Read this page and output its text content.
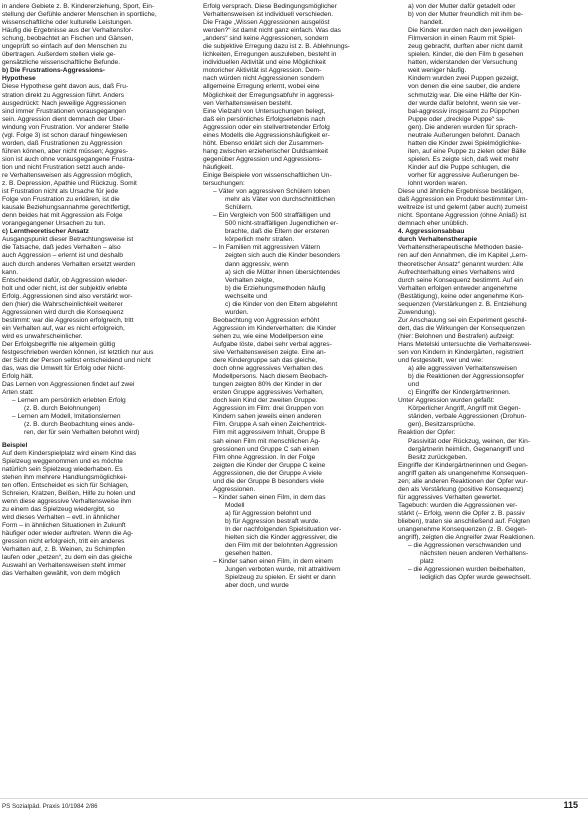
in andere Gebiete z. B. Kindererziehung, Sport, Ein-
stellung der Gefühle anderer Menschen in sportliche,
wissenschaftliche oder kulturelle Leistungen.
Häufig die Ergebnisse aus der Verhaltensfor-
schung, beobachtet an Fischen und Gänsen,
ungeprüft so einfach auf den Menschen zu
übertragen. Außerdem stellen viele ge-
gensätzliche wissenschaftliche Befunde.
b) Die Frustrations-Aggressions-
Hypothese
Diese Hypothese geht davon aus, daß Fru-
stration direkt zu Aggression führt. Anders
ausgedrückt: Nach jeweilige Aggressionen
sind immer Frustrationen vorausgegangen
sein. Aggression dient demnach der Über-
windung von Frustration. Vor anderer Stelle
(vgl. Folge 3) ist schon darauf hingewiesen
worden, daß Frustrationen zu Aggression
führen können, aber nicht müssen; Aggres-
sion ist auch ohne vorausgegangene Frustra-
tion und nicht Frustration setzt auch ande-
re Verhaltensweisen als Aggression möglich,
z. B. Depression, Apathie und Rückzug. Somit
ist Frustration nicht als Ursache für jede
Folge von Frustration zu erklären, ist die
kausale Beziehungsannahme gerechtfertigt,
denn beides hat mit Aggression als Folge
vorangegangener Ursachen zu tun.
c) Lerntheoretischer Ansatz
Ausgangspunkt dieser Betrachtungsweise ist
die Tatsache, daß jedes Verhalten – also
auch Aggression – erlernt ist und deshalb
auch durch anderes Verhalten ersetzt werden
kann.
Entscheidend dafür, ob Aggression wieder-
holt und oder nicht, ist der subjektiv erlebte
Erfolg. Aggressionen sind also verstärkt wor-
den (hier) die Wahrscheinlichkeit weiterer
Aggressionen wird durch die Konsequenz
bestimmt: war die Aggression erfolgreich, tritt
ein Verhalten auf, war es nicht erfolgreich,
wird es unwahrscheinlicher.
Der Erfolgsbegriffe nie allgemein gültig
festgeschrieben werden können, ist letztlich nur aus
der Sicht der Person selbst entscheidend und nicht
das, was die Umwelt für Erfolg oder Nicht-
Erfolg hält.
Das Lernen von Aggressionen findet auf zwei
Arten statt:
– Lernen am persönlich erlebten Erfolg
(z. B. durch Belohnungen)
– Lernen am Modell, Imitationslernen
(z. B. durch Beobachtung eines ande-
ren, der für sein Verhalten belohnt wird)
Beispiel
Auf dem Kinderspielplatz wird einem Kind das
Spielzeug weggenommen und es möchte
natürlich sein Spielzeug wiederhaben. Es
stehen ihm mehrere Handlungsmöglichkei-
ten offen. Entscheidet es sich für Schlagen,
Schreien, Kratzen, Beißen, Hilfe zu holen und
wenn diese aggressive Verhaltensweise ihm
zu einem das Spielzeug wiedergibt, so
wird dieses Verhalten – evtl. in ähnlicher
Form – in ähnlichen Situationen in Zukunft
häufiger oder wieder auftreten. Wenn die Ag-
gression nicht erfolgreich, tritt ein anderes
Verhalten auf, z. B. Weinen, zu Schimpfen
laufen oder „petzen“, zu dem ein das gleiche
Auswahl an Verhaltensweisen steht immer
das Verhalten gewählt, von dem möglich
Erfolg versprach. Diese Bedingungsmöglicher
Verhaltensweisen ist individuell verschieden.
Die Frage „Wissen Aggressionen ausgelöst
werden?“ ist damit nicht ganz einfach. Was das
„anders“ sind keine Aggressionen, sondern
die subjektive Erregung dazu ist z. B. Ablehnungs-
lichkeiten, Erregungen auszuleben, besteht in
individuellen Aktivität und eine Möglichkeit
motoricher Aktivität ist Aggression. Dem-
nach würden nicht Aggressionen sondern
allgemeine Erregung erlernt, wobei eine
Möglichkeit der Erregungsabfuhr in aggressi-
ven Verhaltensweisen besteht.
Eine Vielzahl von Untersuchungen belegt,
daß ein persönliches Erfolgserlebnis nach
Aggression oder ein stellvertretender Erfolg
eines Modells die Aggressionshäufigkeit er-
höht. Ebenso erklärt sich der Zusammen-
hang zwischen erzieherischer Duldsamkeit
gegenüber Aggression und Aggressions-
häufigkeit.
Einige Beispiele von wissenschaftlichen Un-
tersuchungen:
– Väter von aggressiven Schülern loben
mehr als Väter von durchschnittlichen
Schülern.
– Ein Vergleich von 500 straffälligen und
500 nicht-straffälligen Jugendlichen er-
brachte, daß die Eltern der ersteren
körperlich mehr strafen.
– In Familien mit aggressiven Vätern
zeigten sich auch die Kinder besonders
dann aggressiv, wenn
a) sich die Mütter ihnen übersichtendes
Verhalten zeigte,
b) die Erziehungsmethoden häufig
wechselte und
c) die Kinder von den Eltern abgelehnt
wurden.
Beobachtung von Aggression erhöht
Aggression im Kinderverhalten: die Kinder
sehen zu, wie eine Modellperson eine
Aufgabe löste, dabei sehr verbal aggres-
sive Verhaltensweisen zeigte. Eine an-
dere Kindergruppe sah das gleiche,
doch ohne aggressives Verhalten des
Modellpersons. Nach diesem Beobach-
tungen zeigten 80% der Kinder in der
ersten Gruppe aggressives Verhalten,
doch kein Kind der zweiten Gruppe.
Aggression im Film: drei Gruppen von
Kindern sahen jeweils einen anderen
Film. Gruppe A sah einen Zeichentrick-
Film mit aggressivem Inhalt, Gruppe B
sah einen Film mit menschlichen Ag-
gressionen und Gruppe C sah einen
Film ohne Aggression. In der Folge
zeigten die Kinder der Gruppe C keine
Aggressionen, die der Gruppe A viele
und die der Gruppe B besonders viele
Aggressionen.
– Kinder sahen einen Film, in dem das
Modell
a) für Aggression belohnt und
b) für Aggression bestraft wurde.
In der nachfolgenden Spielsituation ver-
hielten sich die Kinder aggressiver, die
den Film mit der belohnten Aggression
gesehen hatten.
– Kinder sahen einen Film, in dem einem
Jungen verboten wurde, mit attraktivem
Spielzeug zu spielen. Er sieht er dann
aber doch, und wurde
a) von der Mutter dafür getadelt oder
b) von der Mutter freundlich mit ihm be-
handelt.
Die Kinder wurden nach den jeweiligen
Filmversion in einen Raum mit Spiel-
zeug gebracht, durften aber nicht damit
spielen. Kinder, die den Film b gesehen
hatten, widerstanden der Versuchung
weit weniger häufig.
Kindern wurden zwei Puppen gezeigt,
von denen die eine sauber, die andere
schmutzig war. Die eine Hälfte der Kin-
der wurde dafür belohnt, wenn sie ver-
bal-aggressiv insgesamt zu Püppchen
Puppe oder „dreckige Puppe“ sa-
gen). Die anderen wurden für sprach-
neutrale Äußerungen belohnt. Danach
hatten die Kinder zwei Spielmöglichke-
iten, auf eine Puppe zu zielen oder Bälle
spielen. Es zeigte sich, daß weit mehr
Kinder auf die Puppe schlugen, die
vorher für aggressive Äußerungen be-
lohnt worden waren.
Diese und ähnliche Ergebnisse bestätigen,
daß Aggression ein Produkt bestimmter Um-
weltreize ist und gelernt (aber auch) zumeist
nicht. Spontane Aggression (ohne Anlaß) ist
demnach eher unüblich.
4. Aggressionsabbau
durch Verhaltenstherapie
Verhaltenstherapeutische Methoden basie-
ren auf den Annahmen, die im Kapitel „Lern-
theoretischer Ansatz“ genannt wurden: Alle
Aufrechterhaltung eines Verhaltens wird
durch seine Konsequenz bestimmt. Auf ein
Verhalten erfolgen entweder angenehme
(Bestätigung), keine oder angenehme Kon-
sequenzen (Verstärkungen z. B. Entziehung
Zuwendung).
Zur Anschauung sei ein Experiment geschil-
dert, das die Wirkungen der Konsequenzen
(hier: Belohnen und Bestrafen) aufzeigt:
Hans Metelski untersuchte die Verhaltenswei-
sen von Kindern in Kindergärten, registriert
und festgestellt, wer und wie:
a) alle aggressiven Verhaltensweisen
b) die Reaktionen der Aggressionsopfer
und
c) Eingriffe der Kindergärtnerinnen.
Unter Aggression wurden gefaßt:
Körperlicher Angriff, Angriff mit Gegen-
ständen, verbale Aggressionen (Drohun-
gen), Besitzansprüche.
Reaktion der Opfer:
Passivität oder Rückzug, weinen, der Kin-
dergärtnerin heimlich, Gegenangriff und
Besitz zurückgeben.
Eingriffe der Kindergärtnerinnen und Gegen-
angriff galten als unangenehme Konsequen-
zen; alle anderen Reaktionen der Opfer wur-
den als Verstärkung (positive Konsequenz)
für aggressives Verhalten gewertet.
Tagebuch: wurden die Aggressionen ver-
stärkt (– Erfolg, wenn die Opfer z. B. passiv
blieben), traten sie anschließend auf. Folgten
unangenehme Konsequenzen (z. B. Gegen-
angriff), zeigten die Angreifer zwar Reaktionen.
– die Aggressionen verschwanden und
nächsten neuen anderen Verhaltens-
platz
– die Aggressionen wurden beibehalten,
lediglich das Opfer wurde gewechselt.
PS Sozialpäd. Praxis 10/1984 2/86	115
